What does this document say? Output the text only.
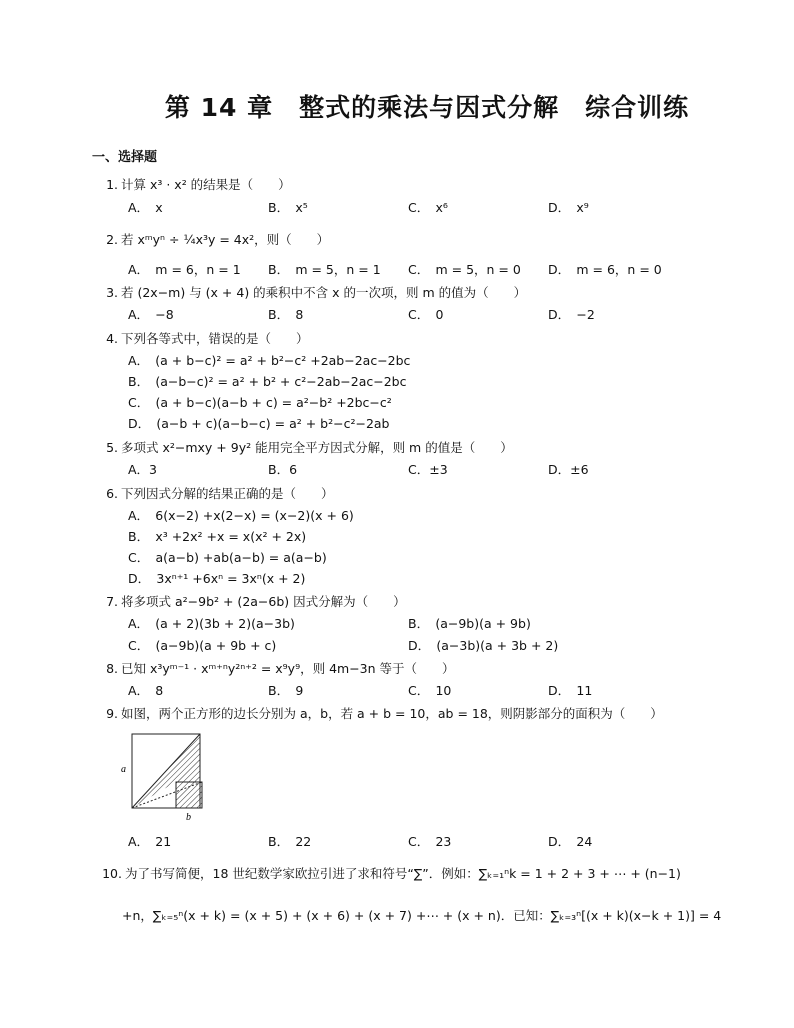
第 14 章　整式的乘法与因式分解　综合训练
一、选择题
1. 计算 x³ · x² 的结果是（　　）
A．　x	B．　x⁵	C．　x⁶	D．　x⁹
2. 若 xᵐyⁿ ÷ ¼x³y = 4x²，则（　　）
A．　m = 6，n = 1 B．　m = 5，n = 1 C．　m = 5，n = 0 D．　m = 6，n = 0
3. 若 (2x−m) 与 (x + 4) 的乘积中不含 x 的一次项，则 m 的值为（　　）
A．　−8	B．　8	C．　0	D．　−2
4. 下列各等式中，错误的是（　　）
A．　(a + b−c)² = a² + b²−c² +2ab−2ac−2bc
B．　(a−b−c)² = a² + b² + c²−2ab−2ac−2bc
C．　(a + b−c)(a−b + c) = a²−b² +2bc−c²
D．　(a−b + c)(a−b−c) = a² + b²−c²−2ab
5. 多项式 x²−mxy + 9y² 能用完全平方因式分解，则 m 的值是（　　）
A．3	B．6	C．±3	D．±6
6. 下列因式分解的结果正确的是（　　）
A．　6(x−2) +x(2−x) = (x−2)(x + 6)
B．　x³ +2x² +x = x(x² + 2x)
C．　a(a−b) +ab(a−b) = a(a−b)
D．　3xⁿ⁺¹ +6xⁿ = 3xⁿ(x + 2)
7. 将多项式 a²−9b² + (2a−6b) 因式分解为（　　）
A．　(a + 2)(3b + 2)(a−3b)	B．　(a−9b)(a + 9b)
C．　(a−9b)(a + 9b + c)	D．　(a−3b)(a + 3b + 2)
8. 已知 x³yᵐ⁻¹ · xᵐ⁺ⁿy²ⁿ⁺² = x⁹y⁹，则 4m−3n 等于（　　）
A．　8	B．　9	C．　10	D．　11
9. 如图，两个正方形的边长分别为 a，b，若 a + b = 10，ab = 18，则阴影部分的面积为（　　）
a
b
A．　21	B．　22	C．　23	D．　24
10. 为了书写简便，18 世纪数学家欧拉引进了求和符号“∑”．例如：∑ₖ₌₁ⁿk = 1 + 2 + 3 + ⋯ + (n−1)
+n，∑ₖ₌₅ⁿ(x + k) = (x + 5) + (x + 6) + (x + 7) +⋯ + (x + n)．已知：∑ₖ₌₃ⁿ[(x + k)(x−k + 1)] = 4
